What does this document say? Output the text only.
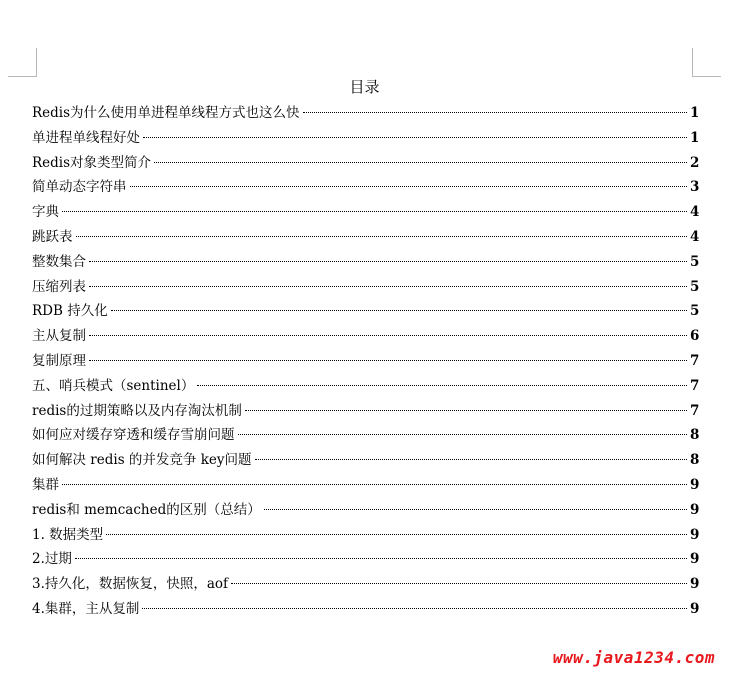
目录
Redis为什么使用单进程单线程方式也这么快	1
单进程单线程好处	1
Redis对象类型简介	2
简单动态字符串	3
字典	4
跳跃表	4
整数集合	5
压缩列表	5
RDB 持久化	5
主从复制	6
复制原理	7
五、哨兵模式（sentinel）	7
redis的过期策略以及内存淘汰机制	7
如何应对缓存穿透和缓存雪崩问题	8
如何解决 redis 的并发竞争 key问题	8
集群	9
redis和 memcached的区别（总结）	9
1. 数据类型	9
2.过期	9
3.持久化，数据恢复，快照，aof	9
4.集群，主从复制	9
www.java1234.com
